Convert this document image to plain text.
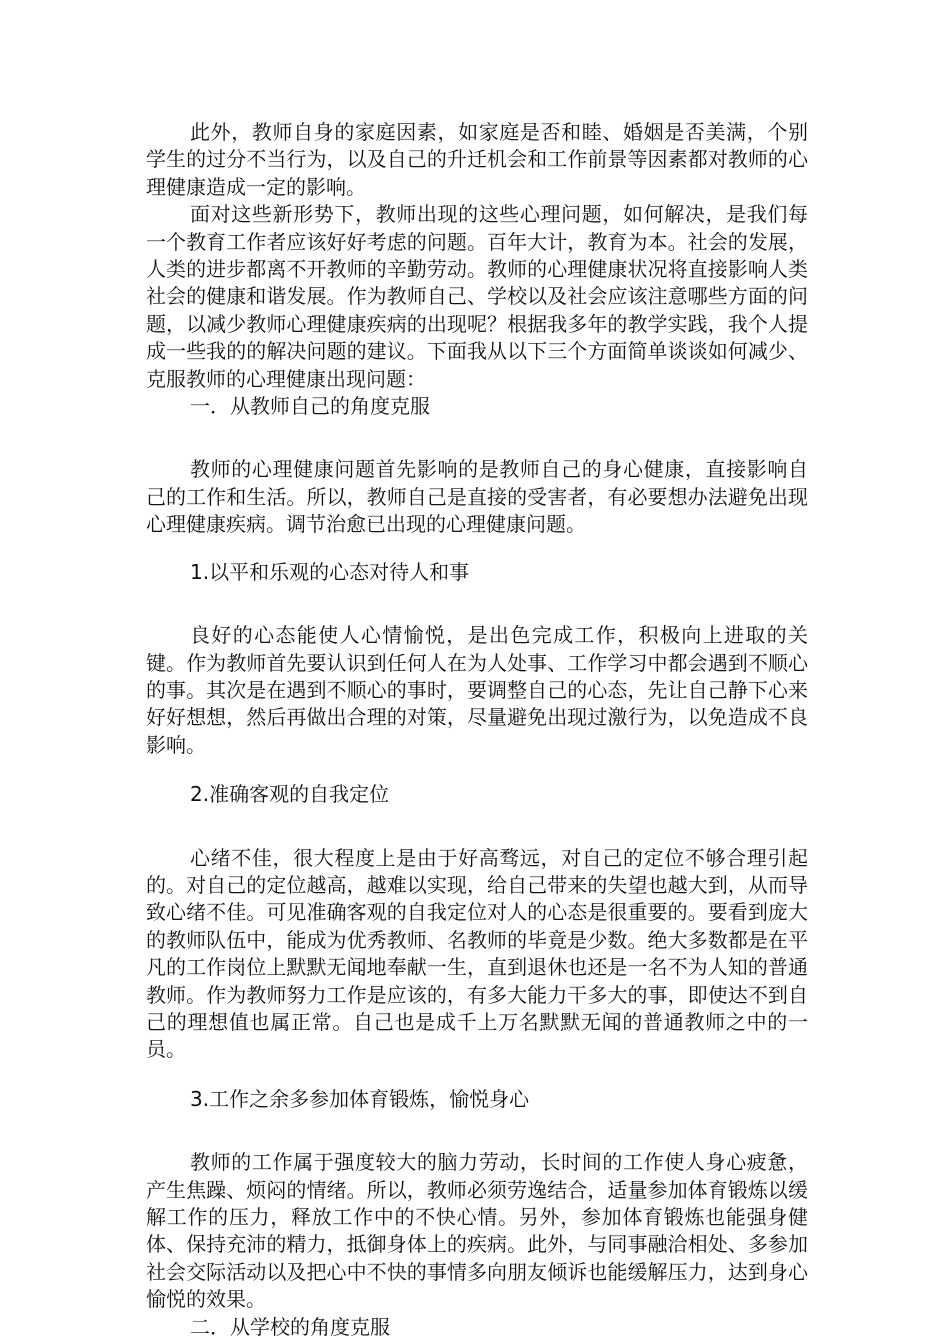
此外，教师自身的家庭因素，如家庭是否和睦、婚姻是否美满，个别学生的过分不当行为，以及自己的升迁机会和工作前景等因素都对教师的心理健康造成一定的影响。

面对这些新形势下，教师出现的这些心理问题，如何解决，是我们每一个教育工作者应该好好考虑的问题。百年大计，教育为本。社会的发展，人类的进步都离不开教师的辛勤劳动。教师的心理健康状况将直接影响人类社会的健康和谐发展。作为教师自己、学校以及社会应该注意哪些方面的问题，以减少教师心理健康疾病的出现呢？根据我多年的教学实践，我个人提成一些我的的解决问题的建议。下面我从以下三个方面简单谈谈如何减少、克服教师的心理健康出现问题：

一．从教师自己的角度克服

教师的心理健康问题首先影响的是教师自己的身心健康，直接影响自己的工作和生活。所以，教师自己是直接的受害者，有必要想办法避免出现心理健康疾病。调节治愈已出现的心理健康问题。

1.以平和乐观的心态对待人和事

良好的心态能使人心情愉悦，是出色完成工作，积极向上进取的关键。作为教师首先要认识到任何人在为人处事、工作学习中都会遇到不顺心的事。其次是在遇到不顺心的事时，要调整自己的心态，先让自己静下心来好好想想，然后再做出合理的对策，尽量避免出现过激行为，以免造成不良影响。

2.准确客观的自我定位

心绪不佳，很大程度上是由于好高骛远，对自己的定位不够合理引起的。对自己的定位越高，越难以实现，给自己带来的失望也越大到，从而导致心绪不佳。可见准确客观的自我定位对人的心态是很重要的。要看到庞大的教师队伍中，能成为优秀教师、名教师的毕竟是少数。绝大多数都是在平凡的工作岗位上默默无闻地奉献一生，直到退休也还是一名不为人知的普通教师。作为教师努力工作是应该的，有多大能力干多大的事，即使达不到自己的理想值也属正常。自己也是成千上万名默默无闻的普通教师之中的一员。

3.工作之余多参加体育锻炼，愉悦身心

教师的工作属于强度较大的脑力劳动，长时间的工作使人身心疲惫，产生焦躁、烦闷的情绪。所以，教师必须劳逸结合，适量参加体育锻炼以缓解工作的压力，释放工作中的不快心情。另外，参加体育锻炼也能强身健体、保持充沛的精力，抵御身体上的疾病。此外，与同事融洽相处、多参加社会交际活动以及把心中不快的事情多向朋友倾诉也能缓解压力，达到身心愉悦的效果。

二．从学校的角度克服
